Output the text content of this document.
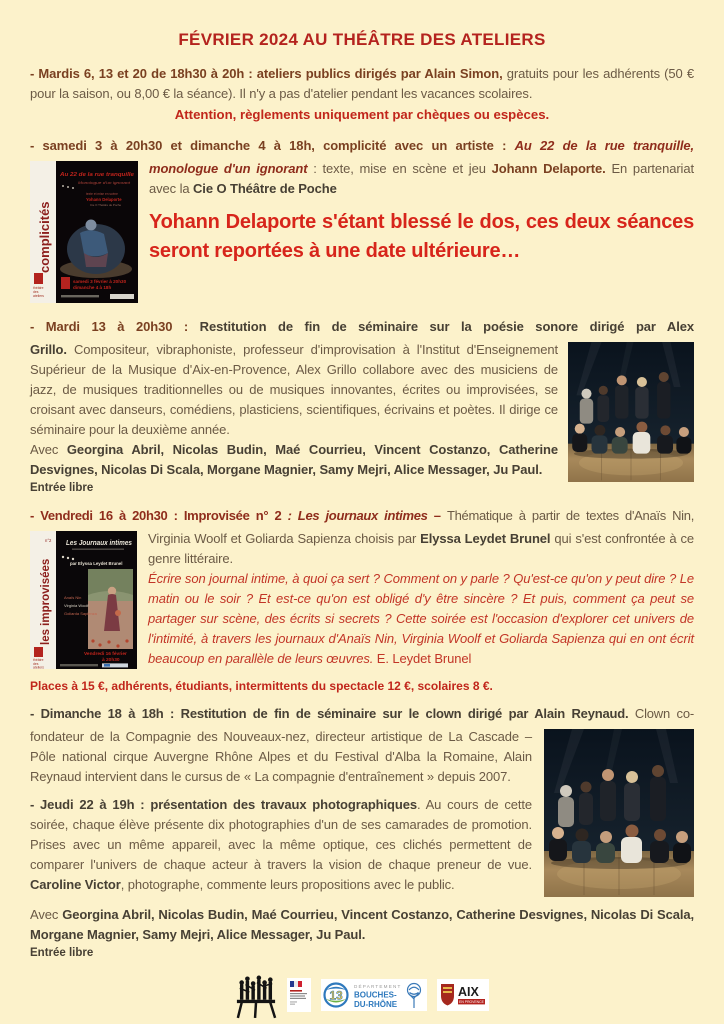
FÉVRIER 2024 AU THÉÂTRE DES ATELIERS

- Mardis 6, 13 et 20 de 18h30 à 20h : ateliers publics dirigés par Alain Simon, gratuits pour les adhérents (50 € pour la saison, ou 8,00 € la séance). Il n'y a pas d'atelier pendant les vacances scolaires.

Attention, règlements uniquement par chèques ou espèces.

- samedi 3 à 20h30 et dimanche 4 à 18h, complicité avec un artiste : Au 22 de la rue tranquille,

complicités
théâtre
des
ateliers
Au 22 de la rue tranquille
Monologue d'un ignorant
texte et mise en scène
Yohann Delaporte
Cie O Théâtre de Poche
samedi 3 février à 20h30
dimanche 4 à 18h

monologue d'un ignorant : texte, mise en scène et jeu Johann Delaporte. En partenariat avec la Cie O Théâtre de Poche

Yohann Delaporte s'étant blessé le dos, ces deux séances seront reportées à une date ultérieure…

- Mardi 13 à 20h30 : Restitution de fin de séminaire sur la poésie sonore dirigé par Alex

Grillo. Compositeur, vibraphoniste, professeur d'improvisation à l'Institut d'Enseignement Supérieur de la Musique d'Aix-en-Provence, Alex Grillo collabore avec des musiciens de jazz, de musiques traditionnelles ou de musiques innovantes, écrites ou improvisées, se croisant avec danseurs, comédiens, plasticiens, scientifiques, écrivains et poètes. Il dirige ce séminaire pour la deuxième année.

Avec Georgina Abril, Nicolas Budin, Maé Courrieu, Vincent Costanzo, Catherine Desvignes, Nicolas Di Scala, Morgane Magnier, Samy Mejri, Alice Messager, Ju Paul.

Entrée libre

- Vendredi 16 à 20h30 : Improvisée n° 2 : Les journaux intimes – Thématique à partir de textes d'Anaïs Nin,

n°2
les improvisées
théâtre
des
ateliers
Les Journaux intimes
par Elyssa Leydet Brunel
Anaïs Nin
Virginia Woolf
Goliarda Sapienza
Vendredi 16 février
à 20h30

Virginia Woolf et Goliarda Sapienza choisis par Elyssa Leydet Brunel qui s'est confrontée à ce genre littéraire.

Écrire son journal intime, à quoi ça sert ? Comment on y parle ? Qu'est-ce qu'on y peut dire ? Le matin ou le soir ? Et est-ce qu'on est obligé d'y être sincère ? Et puis, comment ça peut se partager sur scène, des écrits si secrets ? Cette soirée est l'occasion d'explorer cet univers de l'intimité, à travers les journaux d'Anaïs Nin, Virginia Woolf et Goliarda Sapienza qui en ont écrit beaucoup en parallèle de leurs œuvres. E. Leydet Brunel

Places à 15 €, adhérents, étudiants, intermittents du spectacle 12 €, scolaires 8 €.

- Dimanche 18 à 18h : Restitution de fin de séminaire sur le clown dirigé par Alain Reynaud. Clown co-

fondateur de la Compagnie des Nouveaux-nez, directeur artistique de La Cascade – Pôle national cirque Auvergne Rhône Alpes et du Festival d'Alba la Romaine, Alain Reynaud intervient dans le cursus de « La compagnie d'entraînement » depuis 2007.

- Jeudi 22 à 19h : présentation des travaux photographiques. Au cours de cette soirée, chaque élève présente dix photographies d'un de ses camarades de promotion. Prises avec un même appareil, avec la même optique, ces clichés permettent de comparer l'univers de chaque acteur à travers la vision de chaque preneur de vue. Caroline Victor, photographe, commente leurs propositions avec le public.

Avec Georgina Abril, Nicolas Budin, Maé Courrieu, Vincent Costanzo, Catherine Desvignes, Nicolas Di Scala, Morgane Magnier, Samy Mejri, Alice Messager, Ju Paul.

Entrée libre

13
DÉPARTEMENT
BOUCHES-
DU-RHÔNE
AIX
EN PROVENCE
